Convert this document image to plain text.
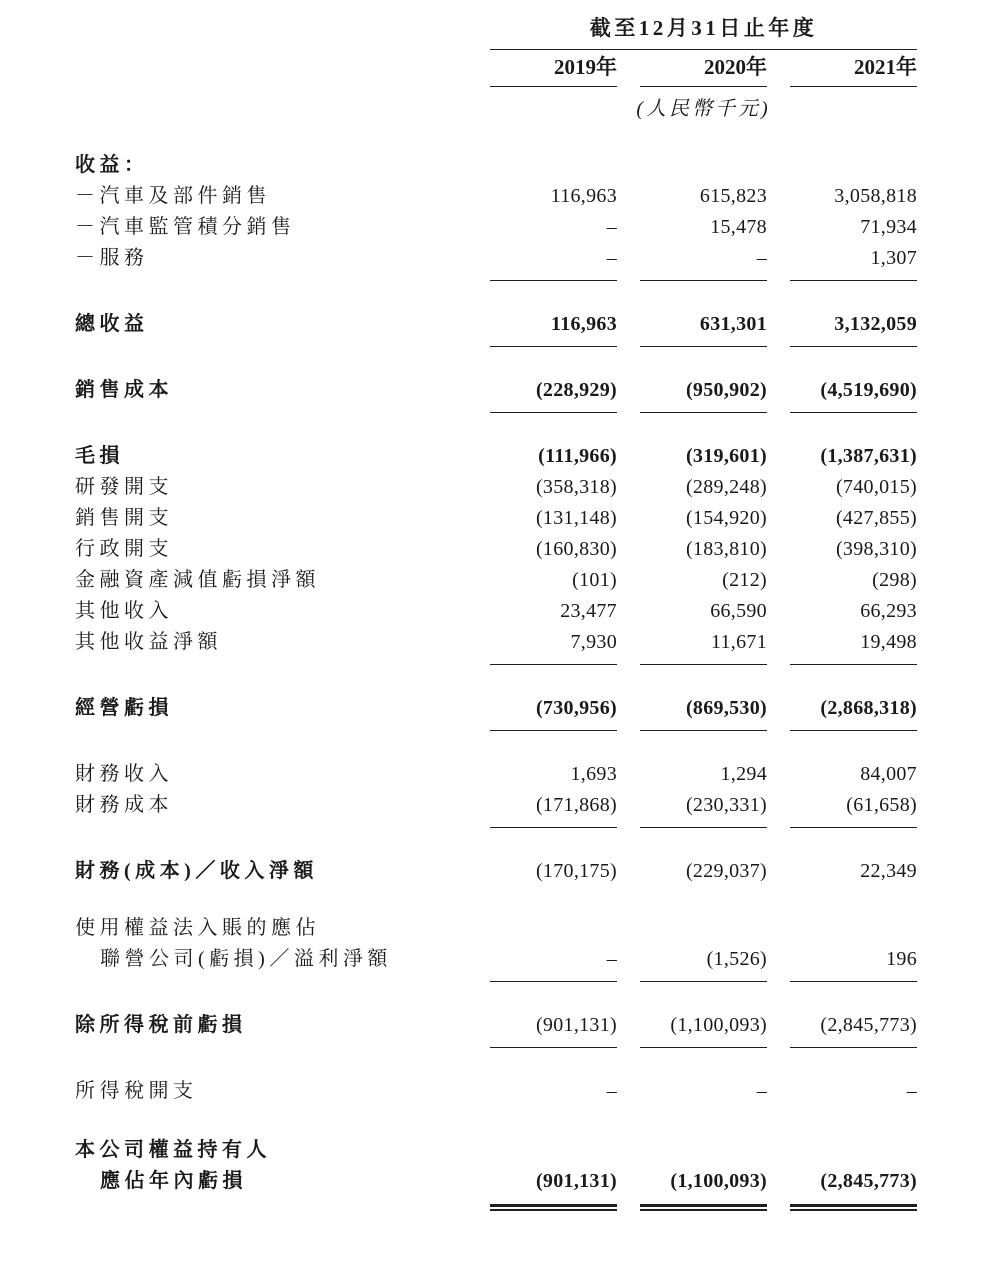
截至12月31日止年度
2019年	2020年	2021年
(人民幣千元)
收益：
－汽車及部件銷售	116,963	615,823	3,058,818
－汽車監管積分銷售	–	15,478	71,934
－服務	–	–	1,307
總收益	116,963	631,301	3,132,059
銷售成本	(228,929)	(950,902)	(4,519,690)
毛損	(111,966)	(319,601)	(1,387,631)
研發開支	(358,318)	(289,248)	(740,015)
銷售開支	(131,148)	(154,920)	(427,855)
行政開支	(160,830)	(183,810)	(398,310)
金融資產減值虧損淨額	(101)	(212)	(298)
其他收入	23,477	66,590	66,293
其他收益淨額	7,930	11,671	19,498
經營虧損	(730,956)	(869,530)	(2,868,318)
財務收入	1,693	1,294	84,007
財務成本	(171,868)	(230,331)	(61,658)
財務(成本)／收入淨額	(170,175)	(229,037)	22,349
使用權益法入賬的應佔
聯營公司(虧損)／溢利淨額	–	(1,526)	196
除所得稅前虧損	(901,131)	(1,100,093)	(2,845,773)
所得稅開支	–	–	–
本公司權益持有人
應佔年內虧損	(901,131)	(1,100,093)	(2,845,773)
